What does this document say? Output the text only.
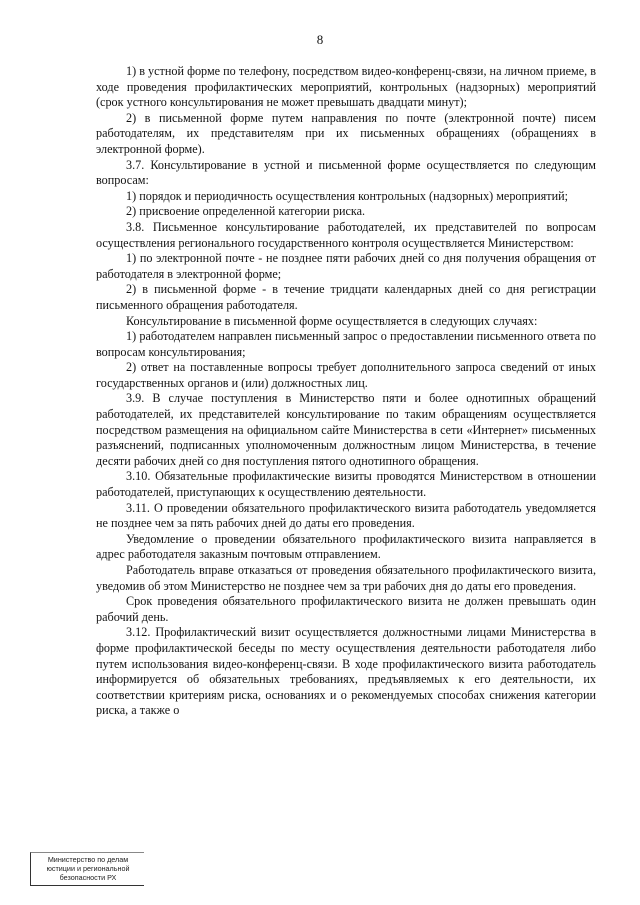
8

1) в устной форме по телефону, посредством видео-конференц-связи, на личном приеме, в ходе проведения профилактических мероприятий, контрольных (надзорных) мероприятий (срок устного консультирования не может превышать двадцати минут);

2) в письменной форме путем направления по почте (электронной почте) писем работодателям, их представителям при их письменных обращениях (обращениях в электронной форме).

3.7. Консультирование в устной и письменной форме осуществляется по следующим вопросам:

1) порядок и периодичность осуществления контрольных (надзорных) мероприятий;

2) присвоение определенной категории риска.

3.8. Письменное консультирование работодателей, их представителей по вопросам осуществления регионального государственного контроля осуществляется Министерством:

1) по электронной почте - не позднее пяти рабочих дней со дня получения обращения от работодателя в электронной форме;

2) в письменной форме - в течение тридцати календарных дней со дня регистрации письменного обращения работодателя.

Консультирование в письменной форме осуществляется в следующих случаях:

1) работодателем направлен письменный запрос о предоставлении письменного ответа по вопросам консультирования;

2) ответ на поставленные вопросы требует дополнительного запроса сведений от иных государственных органов и (или) должностных лиц.

3.9. В случае поступления в Министерство пяти и более однотипных обращений работодателей, их представителей консультирование по таким обращениям осуществляется посредством размещения на официальном сайте Министерства в сети «Интернет» письменных разъяснений, подписанных уполномоченным должностным лицом Министерства, в течение десяти рабочих дней со дня поступления пятого однотипного обращения.

3.10. Обязательные профилактические визиты проводятся Министерством в отношении работодателей, приступающих к осуществлению деятельности.

3.11. О проведении обязательного профилактического визита работодатель уведомляется не позднее чем за пять рабочих дней до даты его проведения.

Уведомление о проведении обязательного профилактического визита направляется в адрес работодателя заказным почтовым отправлением.

Работодатель вправе отказаться от проведения обязательного профилактического визита, уведомив об этом Министерство не позднее чем за три рабочих дня до даты его проведения.

Срок проведения обязательного профилактического визита не должен превышать один рабочий день.

3.12. Профилактический визит осуществляется должностными лицами Министерства в форме профилактической беседы по месту осуществления деятельности работодателя либо путем использования видео-конференц-связи. В ходе профилактического визита работодатель информируется об обязательных требованиях, предъявляемых к его деятельности, их соответствии критериям риска, основаниях и о рекомендуемых способах снижения категории риска, а также о

Министерство по делам
юстиции и региональной
безопасности РХ
